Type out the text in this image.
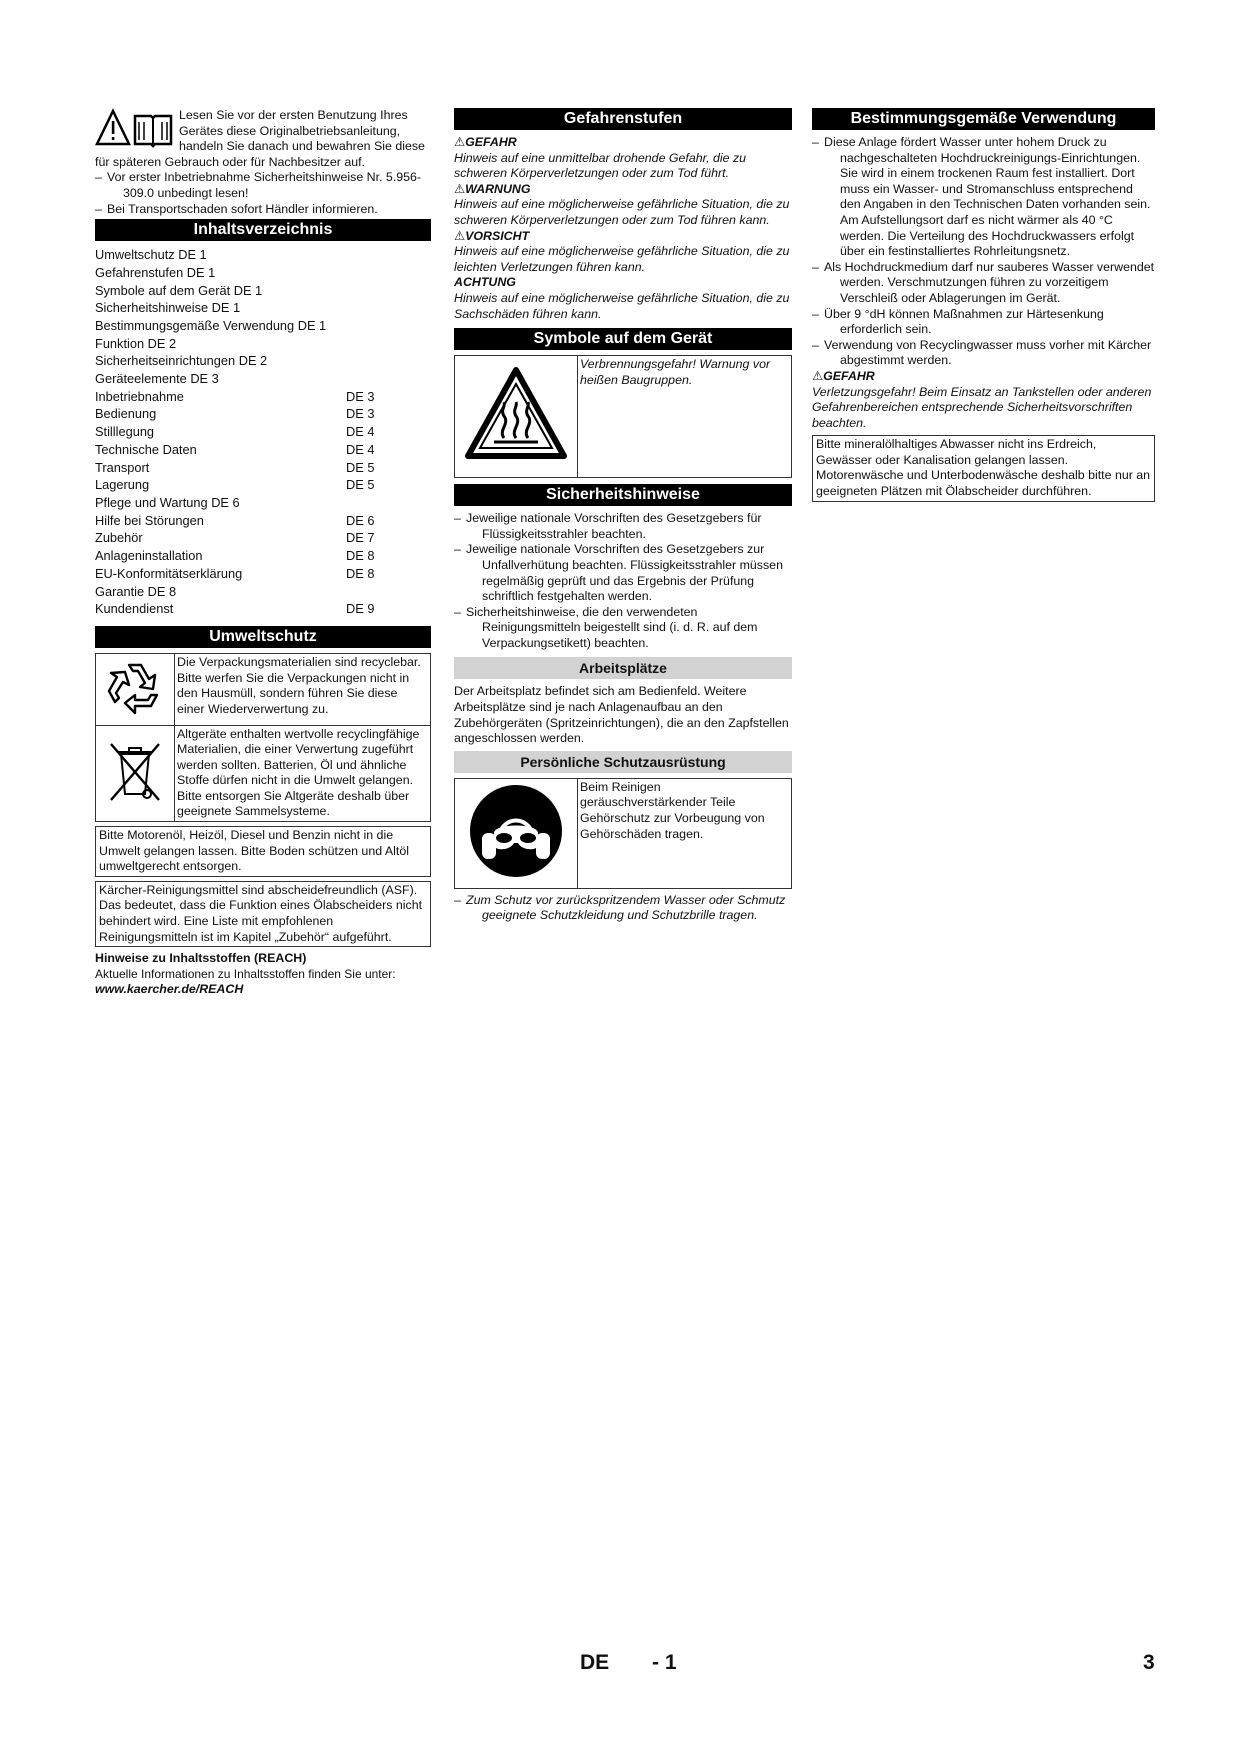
Lesen Sie vor der ersten Benutzung Ihres Gerätes diese Originalbetriebsanleitung, handeln Sie danach und bewahren Sie diese für späteren Gebrauch oder für Nachbesitzer auf.

– Vor erster Inbetriebnahme Sicherheitshinweise Nr. 5.956-309.0 unbedingt lesen!

– Bei Transportschaden sofort Händler informieren.

Inhaltsverzeichnis
Umweltschutz DE 1
Gefahrenstufen DE 1
Symbole auf dem Gerät DE 1
Sicherheitshinweise DE 1
Bestimmungsgemäße Verwendung DE 1
Funktion DE 2
Sicherheitseinrichtungen DE 2
Geräteelemente DE 3
Inbetriebnahme	DE 3
Bedienung	DE 3
Stilllegung	DE 4
Technische Daten	DE 4
Transport	DE 5
Lagerung	DE 5
Pflege und Wartung DE 6
Hilfe bei Störungen	DE 6
Zubehör	DE 7
Anlageninstallation	DE 8
EU-Konformitätserklärung	DE 8
Garantie DE 8
Kundendienst	DE 9
Umweltschutz
	Die Verpackungsmaterialien sind recyclebar. Bitte werfen Sie die Verpackungen nicht in den Hausmüll, sondern führen Sie diese einer Wiederverwertung zu.
	Altgeräte enthalten wertvolle recyclingfähige Materialien, die einer Verwertung zugeführt werden sollten. Batterien, Öl und ähnliche Stoffe dürfen nicht in die Umwelt gelangen. Bitte entsorgen Sie Altgeräte deshalb über geeignete Sammelsysteme.
Bitte Motorenöl, Heizöl, Diesel und Benzin nicht in die Umwelt gelangen lassen. Bitte Boden schützen und Altöl umweltgerecht entsorgen.
Kärcher-Reinigungsmittel sind abscheidefreundlich (ASF). Das bedeutet, dass die Funktion eines Ölabscheiders nicht behindert wird. Eine Liste mit empfohlenen Reinigungsmitteln ist im Kapitel „Zubehör“ aufgeführt.

Hinweise zu Inhaltsstoffen (REACH)

Aktuelle Informationen zu Inhaltsstoffen finden Sie unter:

www.kaercher.de/REACH

Gefahrenstufen

⚠GEFAHR

Hinweis auf eine unmittelbar drohende Gefahr, die zu schweren Körperverletzungen oder zum Tod führt.

⚠WARNUNG

Hinweis auf eine möglicherweise gefährliche Situation, die zu schweren Körperverletzungen oder zum Tod führen kann.

⚠VORSICHT

Hinweis auf eine möglicherweise gefährliche Situation, die zu leichten Verletzungen führen kann.

ACHTUNG

Hinweis auf eine möglicherweise gefährliche Situation, die zu Sachschäden führen kann.

Symbole auf dem Gerät
	Verbrennungsgefahr! Warnung vor heißen Baugruppen.
Sicherheitshinweise

– Jeweilige nationale Vorschriften des Gesetzgebers für Flüssigkeitsstrahler beachten.

– Jeweilige nationale Vorschriften des Gesetzgebers zur Unfallverhütung beachten. Flüssigkeitsstrahler müssen regelmäßig geprüft und das Ergebnis der Prüfung schriftlich festgehalten werden.

– Sicherheitshinweise, die den verwendeten Reinigungsmitteln beigestellt sind (i. d. R. auf dem Verpackungsetikett) beachten.

Arbeitsplätze

Der Arbeitsplatz befindet sich am Bedienfeld. Weitere Arbeitsplätze sind je nach Anlagenaufbau an den Zubehörgeräten (Spritzeinrichtungen), die an den Zapfstellen angeschlossen werden.

Persönliche Schutzausrüstung
	Beim Reinigen geräuschverstärkender Teile Gehörschutz zur Vorbeugung von Gehörschäden tragen.

– Zum Schutz vor zurückspritzendem Wasser oder Schmutz geeignete Schutzkleidung und Schutzbrille tragen.

Bestimmungsgemäße Verwendung

– Diese Anlage fördert Wasser unter hohem Druck zu nachgeschalteten Hochdruckreinigungs-Einrichtungen. Sie wird in einem trockenen Raum fest installiert. Dort muss ein Wasser- und Stromanschluss entsprechend den Angaben in den Technischen Daten vorhanden sein. Am Aufstellungsort darf es nicht wärmer als 40 °C werden. Die Verteilung des Hochdruckwassers erfolgt über ein festinstalliertes Rohrleitungsnetz.

– Als Hochdruckmedium darf nur sauberes Wasser verwendet werden. Verschmutzungen führen zu vorzeitigem Verschleiß oder Ablagerungen im Gerät.

– Über 9 °dH können Maßnahmen zur Härtesenkung erforderlich sein.

– Verwendung von Recyclingwasser muss vorher mit Kärcher abgestimmt werden.

⚠GEFAHR

Verletzungsgefahr! Beim Einsatz an Tankstellen oder anderen Gefahrenbereichen entsprechende Sicherheitsvorschriften beachten.

Bitte mineralölhaltiges Abwasser nicht ins Erdreich, Gewässer oder Kanalisation gelangen lassen. Motorenwäsche und Unterbodenwäsche deshalb bitte nur an geeigneten Plätzen mit Ölabscheider durchführen.
DE - 1	3
